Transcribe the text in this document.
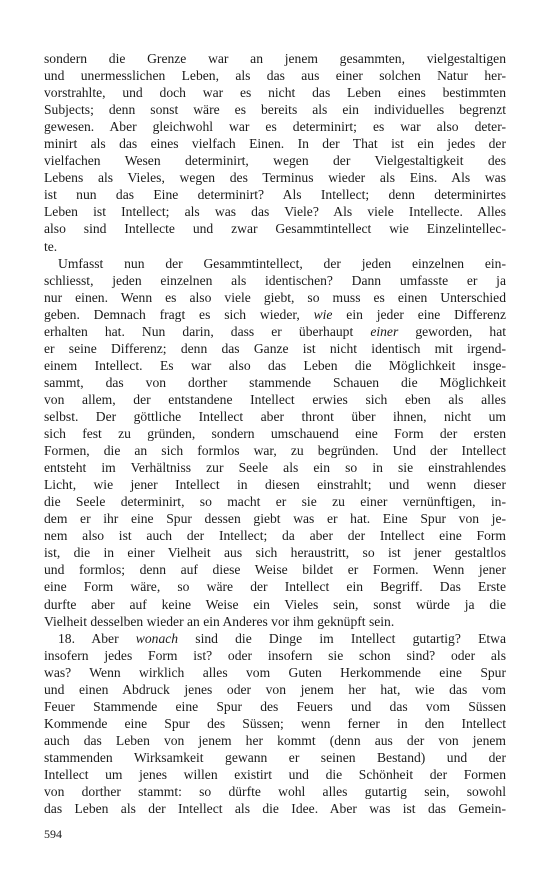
sondern die Grenze war an jenem gesammten, vielgestaltigen
und unermesslichen Leben, als das aus einer solchen Natur her-
vorstrahlte, und doch war es nicht das Leben eines bestimmten
Subjects; denn sonst wäre es bereits als ein individuelles begrenzt
gewesen. Aber gleichwohl war es determinirt; es war also deter-
minirt als das eines vielfach Einen. In der That ist ein jedes der
vielfachen Wesen determinirt, wegen der Vielgestaltigkeit des
Lebens als Vieles, wegen des Terminus wieder als Eins. Als was
ist nun das Eine determinirt? Als Intellect; denn determinirtes
Leben ist Intellect; als was das Viele? Als viele Intellecte. Alles
also sind Intellecte und zwar Gesammtintellect wie Einzelintellec-
te.
Umfasst nun der Gesammtintellect, der jeden einzelnen ein-
schliesst, jeden einzelnen als identischen? Dann umfasste er ja
nur einen. Wenn es also viele giebt, so muss es einen Unterschied
geben. Demnach fragt es sich wieder, wie ein jeder eine Differenz
erhalten hat. Nun darin, dass er überhaupt einer geworden, hat
er seine Differenz; denn das Ganze ist nicht identisch mit irgend-
einem Intellect. Es war also das Leben die Möglichkeit insge-
sammt, das von dorther stammende Schauen die Möglichkeit
von allem, der entstandene Intellect erwies sich eben als alles
selbst. Der göttliche Intellect aber thront über ihnen, nicht um
sich fest zu gründen, sondern umschauend eine Form der ersten
Formen, die an sich formlos war, zu begründen. Und der Intellect
entsteht im Verhältniss zur Seele als ein so in sie einstrahlendes
Licht, wie jener Intellect in diesen einstrahlt; und wenn dieser
die Seele determinirt, so macht er sie zu einer vernünftigen, in-
dem er ihr eine Spur dessen giebt was er hat. Eine Spur von je-
nem also ist auch der Intellect; da aber der Intellect eine Form
ist, die in einer Vielheit aus sich heraustritt, so ist jener gestaltlos
und formlos; denn auf diese Weise bildet er Formen. Wenn jener
eine Form wäre, so wäre der Intellect ein Begriff. Das Erste
durfte aber auf keine Weise ein Vieles sein, sonst würde ja die
Vielheit desselben wieder an ein Anderes vor ihm geknüpft sein.
18. Aber wonach sind die Dinge im Intellect gutartig? Etwa
insofern jedes Form ist? oder insofern sie schon sind? oder als
was? Wenn wirklich alles vom Guten Herkommende eine Spur
und einen Abdruck jenes oder von jenem her hat, wie das vom
Feuer Stammende eine Spur des Feuers und das vom Süssen
Kommende eine Spur des Süssen; wenn ferner in den Intellect
auch das Leben von jenem her kommt (denn aus der von jenem
stammenden Wirksamkeit gewann er seinen Bestand) und der
Intellect um jenes willen existirt und die Schönheit der Formen
von dorther stammt: so dürfte wohl alles gutartig sein, sowohl
das Leben als der Intellect als die Idee. Aber was ist das Gemein-
594
